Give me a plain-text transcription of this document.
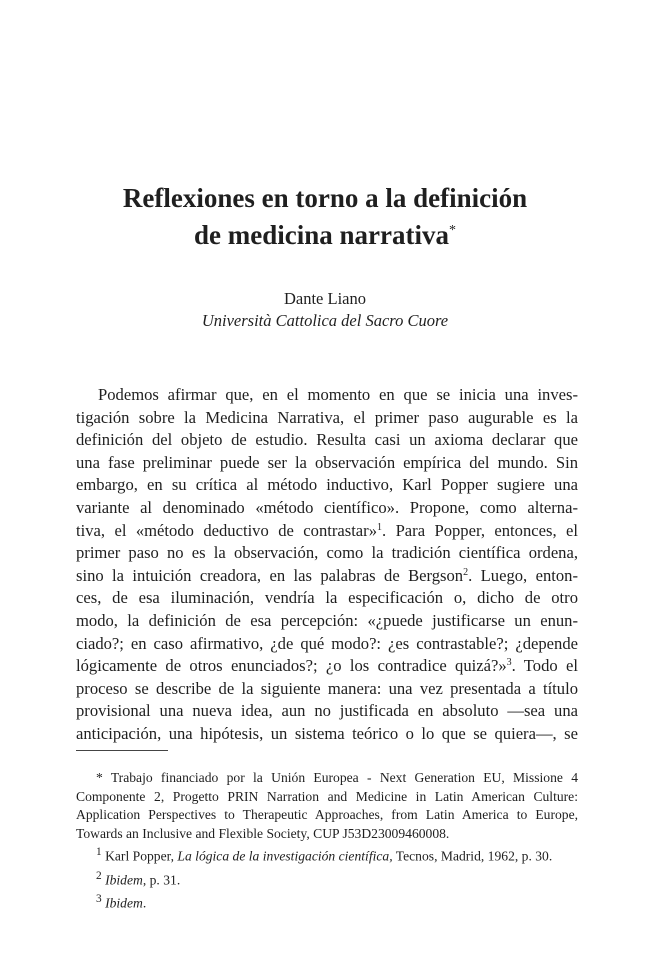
Reflexiones en torno a la definición
de medicina narrativa*
Dante Liano
Università Cattolica del Sacro Cuore
Podemos afirmar que, en el momento en que se inicia una inves-
tigación sobre la Medicina Narrativa, el primer paso augurable es la
definición del objeto de estudio. Resulta casi un axioma declarar que
una fase preliminar puede ser la observación empírica del mundo. Sin
embargo, en su crítica al método inductivo, Karl Popper sugiere una
variante al denominado «método científico». Propone, como alterna-
tiva, el «método deductivo de contrastar»$^1$. Para Popper, entonces, el
primer paso no es la observación, como la tradición científica ordena,
sino la intuición creadora, en las palabras de Bergson$^2$. Luego, enton-
ces, de esa iluminación, vendría la especificación o, dicho de otro
modo, la definición de esa percepción: «¿puede justificarse un enun-
ciado?; en caso afirmativo, ¿de qué modo?: ¿es contrastable?; ¿depende
lógicamente de otros enunciados?; ¿o los contradice quizá?»$^3$. Todo el
proceso se describe de la siguiente manera: una vez presentada a título
provisional una nueva idea, aun no justificada en absoluto —sea una
anticipación, una hipótesis, un sistema teórico o lo que se quiera—, se
* Trabajo financiado por la Unión Europea - Next Generation EU, Missione 4
Componente 2, Progetto PRIN Narration and Medicine in Latin American Culture:
Application Perspectives to Therapeutic Approaches, from Latin America to Europe,
Towards an Inclusive and Flexible Society, CUP J53D23009460008.
$^1$ Karl Popper, La lógica de la investigación científica, Tecnos, Madrid, 1962, p. 30.
$^2$ Ibidem, p. 31.
$^3$ Ibidem.
